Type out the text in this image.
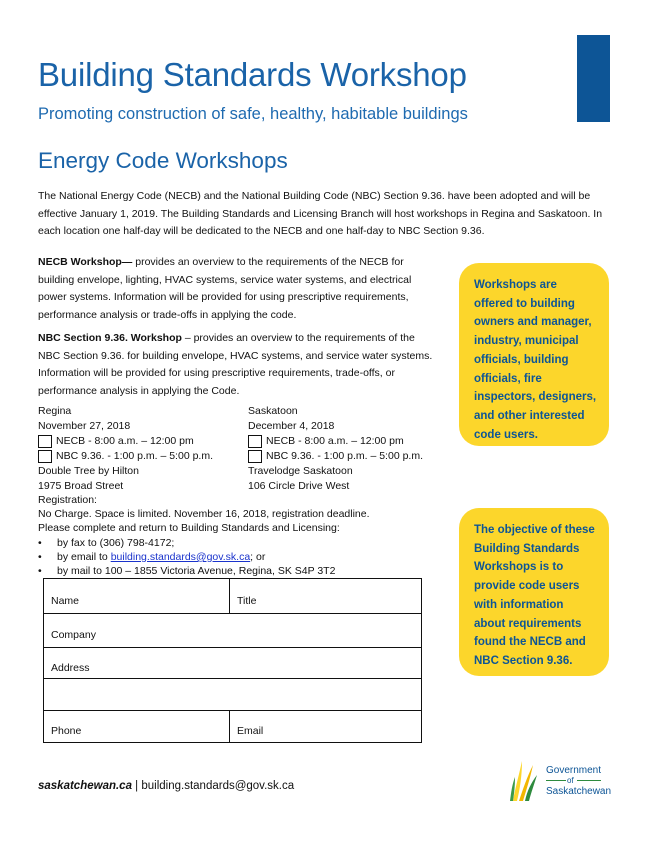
Building Standards Workshop
Promoting construction of safe, healthy, habitable buildings
Energy Code Workshops
The National Energy Code (NECB) and the National Building Code (NBC) Section 9.36. have been adopted and will be effective January 1, 2019. The Building Standards and Licensing Branch will host workshops in Regina and Saskatoon. In each location one half-day will be dedicated to the NECB and one half-day to NBC Section 9.36.
NECB Workshop— provides an overview to the requirements of the NECB for building envelope, lighting, HVAC systems, service water systems, and electrical power systems. Information will be provided for using prescriptive requirements, performance analysis or trade-offs in applying the code.
NBC Section 9.36. Workshop – provides an overview to the requirements of the NBC Section 9.36. for building envelope, HVAC systems, and service water systems. Information will be provided for using prescriptive requirements, trade-offs, or performance analysis in applying the Code.
Workshops are offered to building owners and manager, industry, municipal officials, building officials, fire inspectors, designers, and other interested code users.
The objective of these Building Standards Workshops is to provide code users with information about requirements found the NECB and NBC Section 9.36.
Regina
November 27, 2018
NECB - 8:00 a.m. – 12:00 pm
NBC 9.36. - 1:00 p.m. – 5:00 p.m.
Double Tree by Hilton
1975 Broad Street
Saskatoon
December 4, 2018
NECB - 8:00 a.m. – 12:00 pm
NBC 9.36. - 1:00 p.m. – 5:00 p.m.
Travelodge Saskatoon
106 Circle Drive West
Registration:
No Charge. Space is limited. November 16, 2018, registration deadline.
Please complete and return to Building Standards and Licensing:
• by fax to (306) 798-4172;
• by email to building.standards@gov.sk.ca; or
• by mail to 100 – 1855 Victoria Avenue, Regina, SK S4P 3T2
Name	Title
Company
Address
Phone	Email
saskatchewan.ca | building.standards@gov.sk.ca
Government
of
Saskatchewan
